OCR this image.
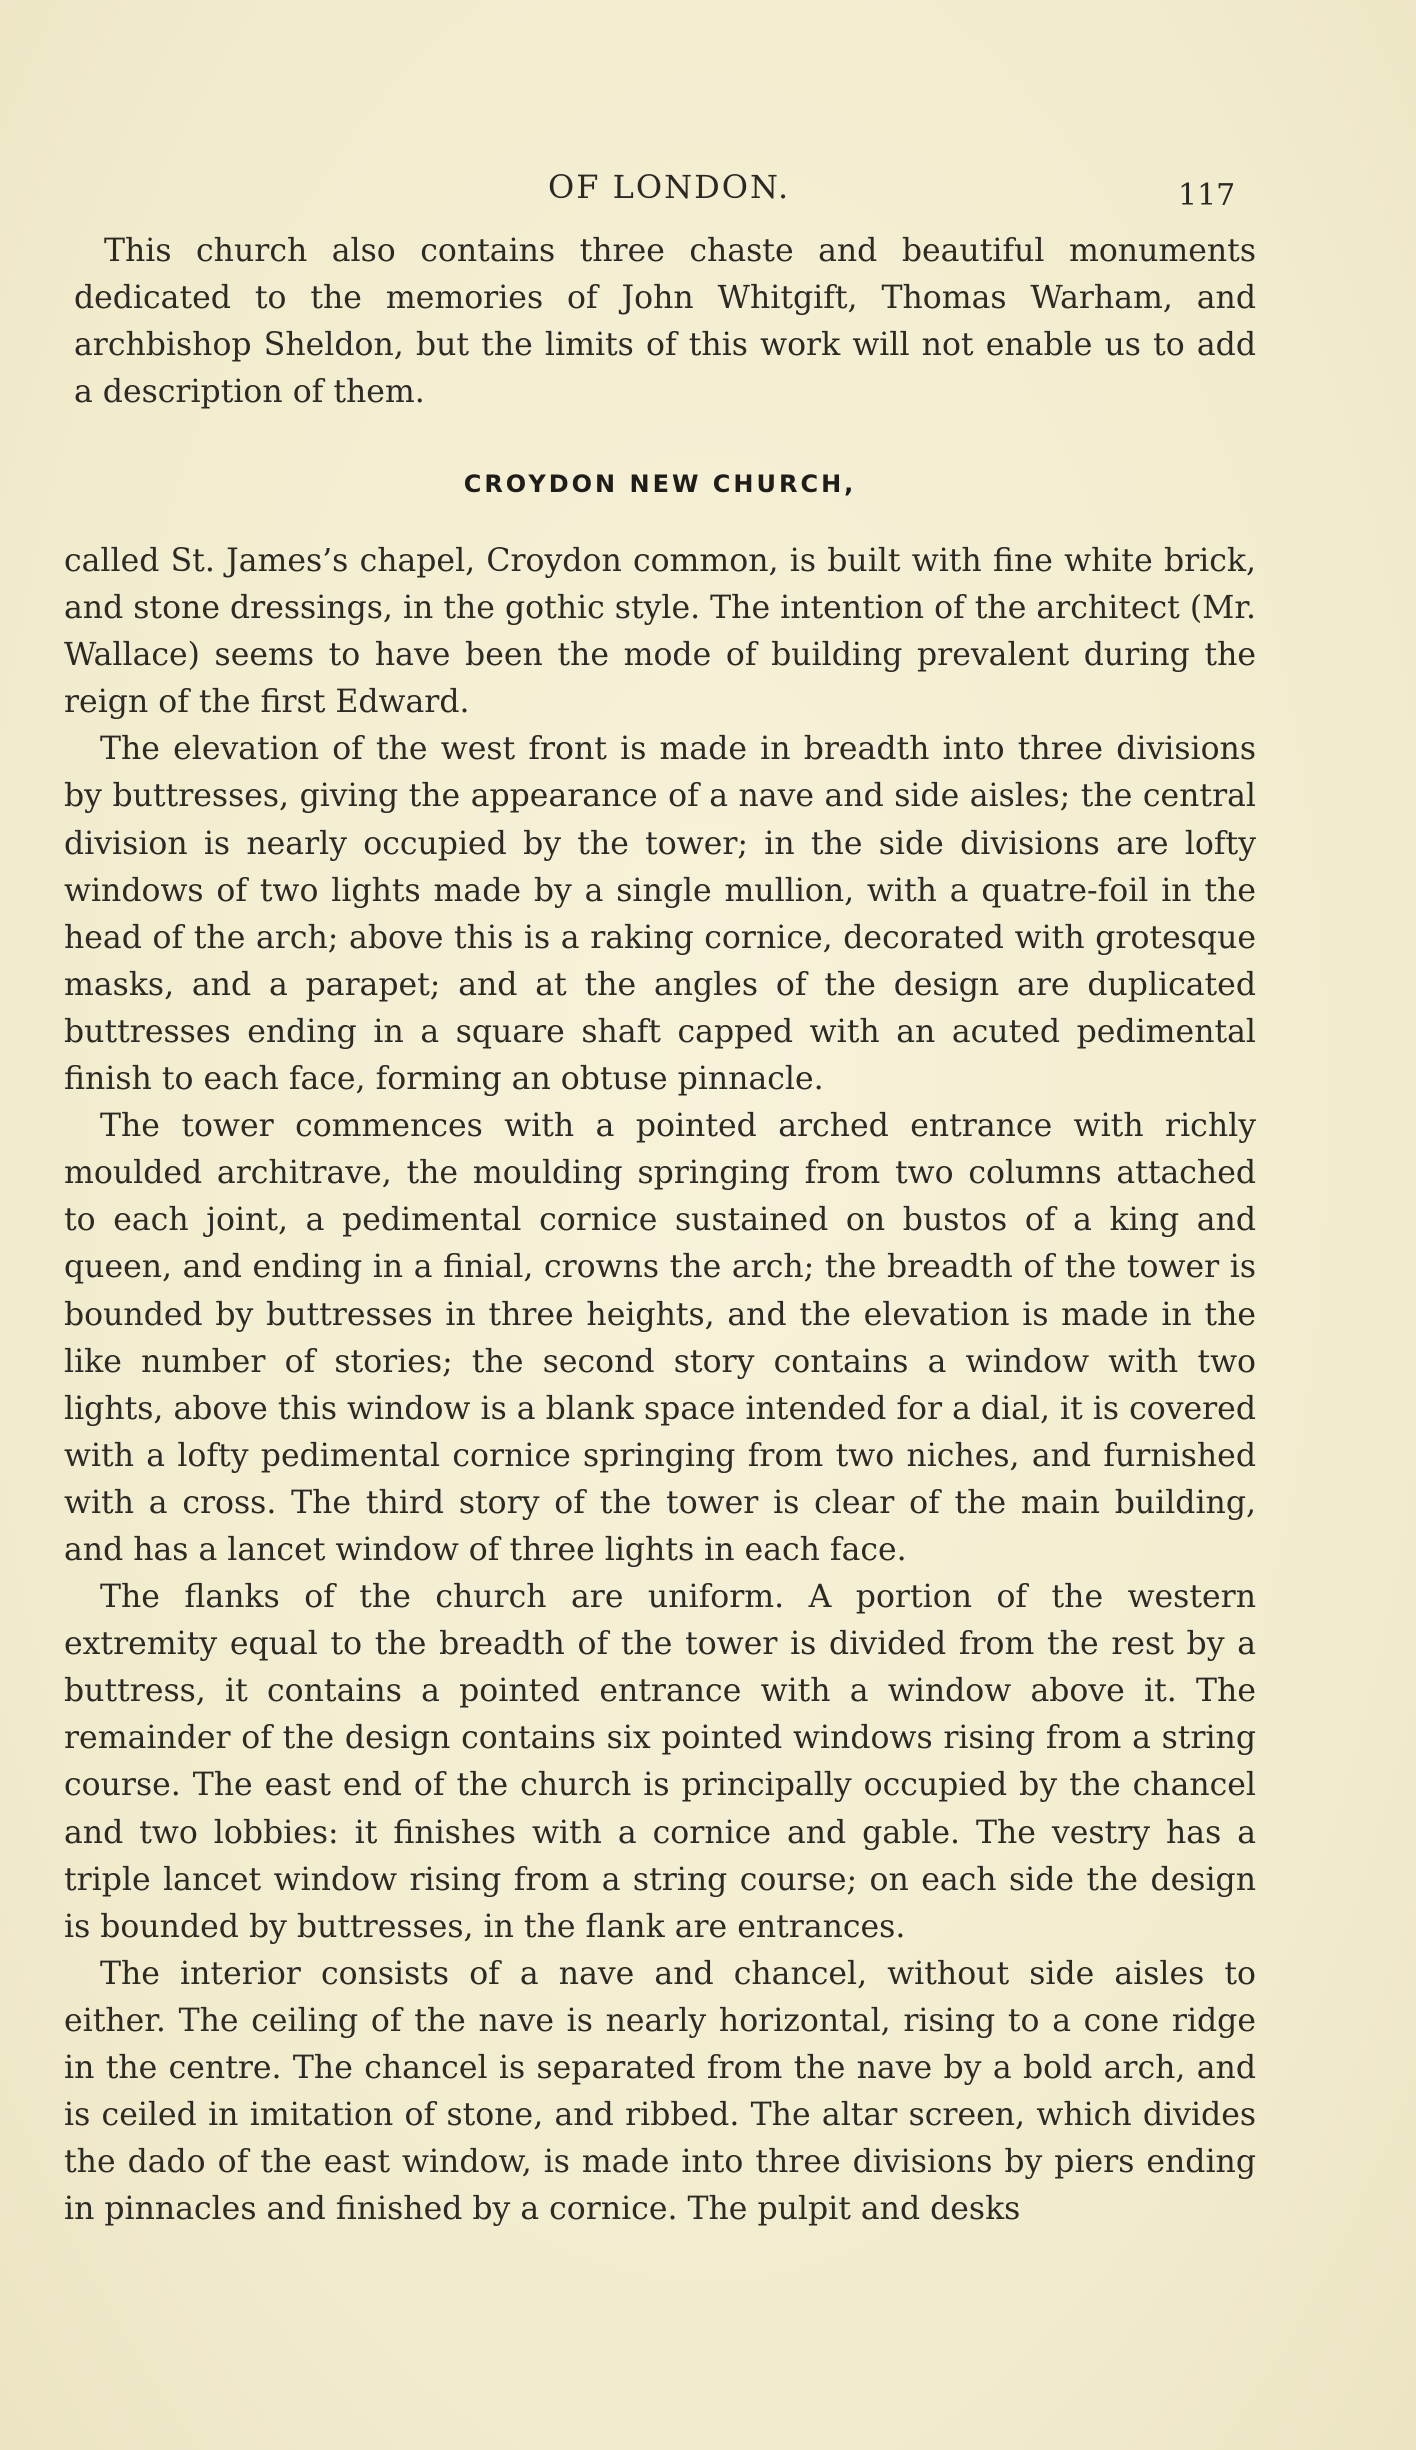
OF LONDON.	117

This church also contains three chaste and beautiful monuments dedicated to the memories of John Whitgift, Thomas Warham, and archbishop Sheldon, but the limits of this work will not enable us to add a description of them.

CROYDON NEW CHURCH,

called St. James’s chapel, Croydon common, is built with fine white brick, and stone dressings, in the gothic style. The intention of the architect (Mr. Wallace) seems to have been the mode of building prevalent during the reign of the first Edward.

The elevation of the west front is made in breadth into three divisions by buttresses, giving the appearance of a nave and side aisles; the central division is nearly occupied by the tower; in the side divisions are lofty windows of two lights made by a single mullion, with a quatre-foil in the head of the arch; above this is a raking cornice, decorated with grotesque masks, and a parapet; and at the angles of the design are duplicated buttresses ending in a square shaft capped with an acuted pedimental finish to each face, forming an obtuse pinnacle.

The tower commences with a pointed arched entrance with richly moulded architrave, the moulding springing from two columns attached to each joint, a pedimental cornice sustained on bustos of a king and queen, and ending in a finial, crowns the arch; the breadth of the tower is bounded by buttresses in three heights, and the elevation is made in the like number of stories; the second story contains a window with two lights, above this window is a blank space intended for a dial, it is covered with a lofty pedimental cornice springing from two niches, and furnished with a cross. The third story of the tower is clear of the main building, and has a lancet window of three lights in each face.

The flanks of the church are uniform. A portion of the western extremity equal to the breadth of the tower is divided from the rest by a buttress, it contains a pointed entrance with a window above it. The remainder of the design contains six pointed windows rising from a string course. The east end of the church is principally occupied by the chancel and two lobbies: it finishes with a cornice and gable. The vestry has a triple lancet window rising from a string course; on each side the design is bounded by buttresses, in the flank are entrances.

The interior consists of a nave and chancel, without side aisles to either. The ceiling of the nave is nearly horizontal, rising to a cone ridge in the centre. The chancel is separated from the nave by a bold arch, and is ceiled in imitation of stone, and ribbed. The altar screen, which divides the dado of the east window, is made into three divisions by piers ending in pinnacles and finished by a cornice. The pulpit and desks
